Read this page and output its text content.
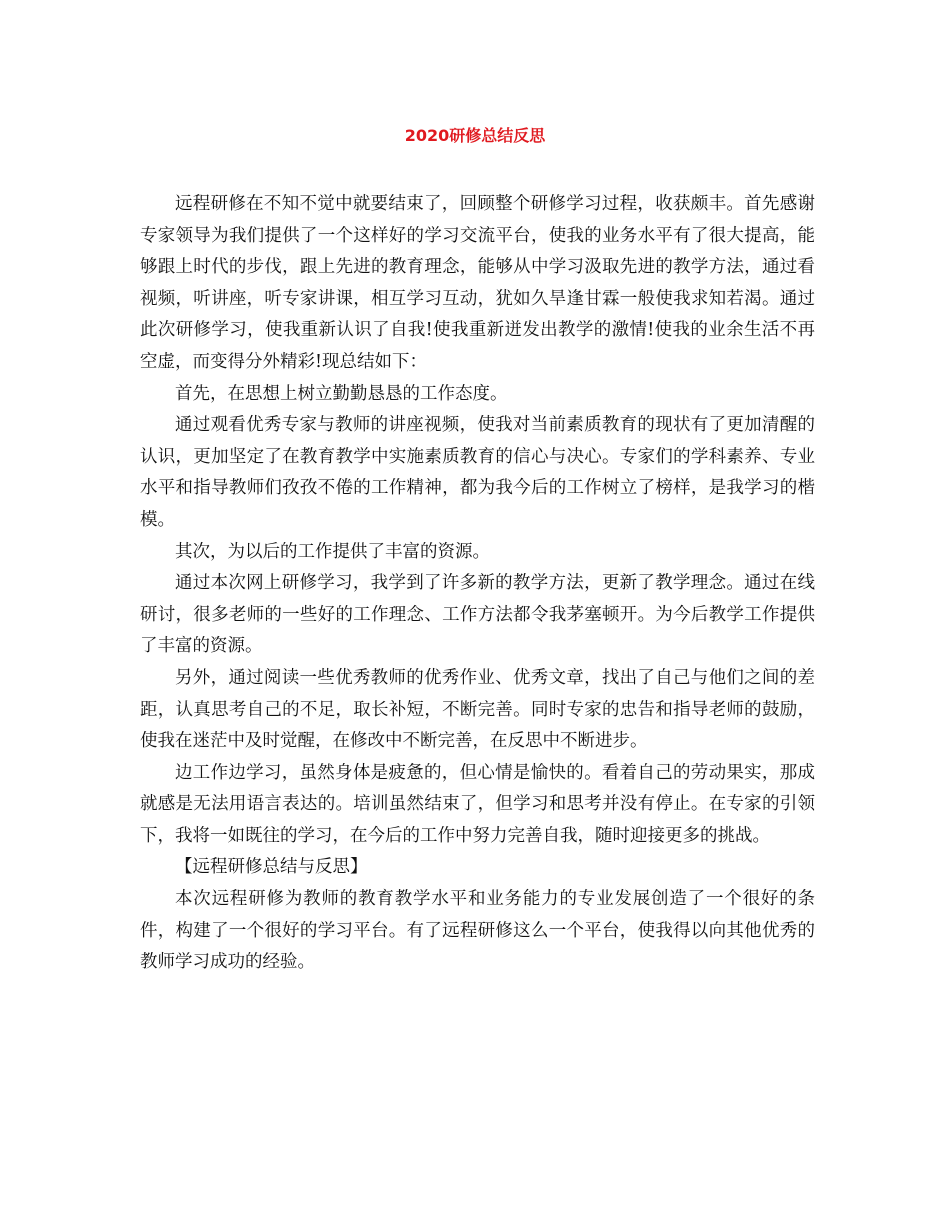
2020研修总结反思

远程研修在不知不觉中就要结束了，回顾整个研修学习过程，收获颇丰。首先感谢专家领导为我们提供了一个这样好的学习交流平台，使我的业务水平有了很大提高，能够跟上时代的步伐，跟上先进的教育理念，能够从中学习汲取先进的教学方法，通过看视频，听讲座，听专家讲课，相互学习互动，犹如久旱逢甘霖一般使我求知若渴。通过此次研修学习，使我重新认识了自我!使我重新迸发出教学的激情!使我的业余生活不再空虚，而变得分外精彩!现总结如下：

首先，在思想上树立勤勤恳恳的工作态度。

通过观看优秀专家与教师的讲座视频，使我对当前素质教育的现状有了更加清醒的认识，更加坚定了在教育教学中实施素质教育的信心与决心。专家们的学科素养、专业水平和指导教师们孜孜不倦的工作精神，都为我今后的工作树立了榜样，是我学习的楷模。

其次，为以后的工作提供了丰富的资源。

通过本次网上研修学习，我学到了许多新的教学方法，更新了教学理念。通过在线研讨，很多老师的一些好的工作理念、工作方法都令我茅塞顿开。为今后教学工作提供了丰富的资源。

另外，通过阅读一些优秀教师的优秀作业、优秀文章，找出了自己与他们之间的差距，认真思考自己的不足，取长补短，不断完善。同时专家的忠告和指导老师的鼓励，使我在迷茫中及时觉醒，在修改中不断完善，在反思中不断进步。

边工作边学习，虽然身体是疲惫的，但心情是愉快的。看着自己的劳动果实，那成就感是无法用语言表达的。培训虽然结束了，但学习和思考并没有停止。在专家的引领下，我将一如既往的学习，在今后的工作中努力完善自我，随时迎接更多的挑战。

【远程研修总结与反思】

本次远程研修为教师的教育教学水平和业务能力的专业发展创造了一个很好的条件，构建了一个很好的学习平台。有了远程研修这么一个平台，使我得以向其他优秀的教师学习成功的经验。
